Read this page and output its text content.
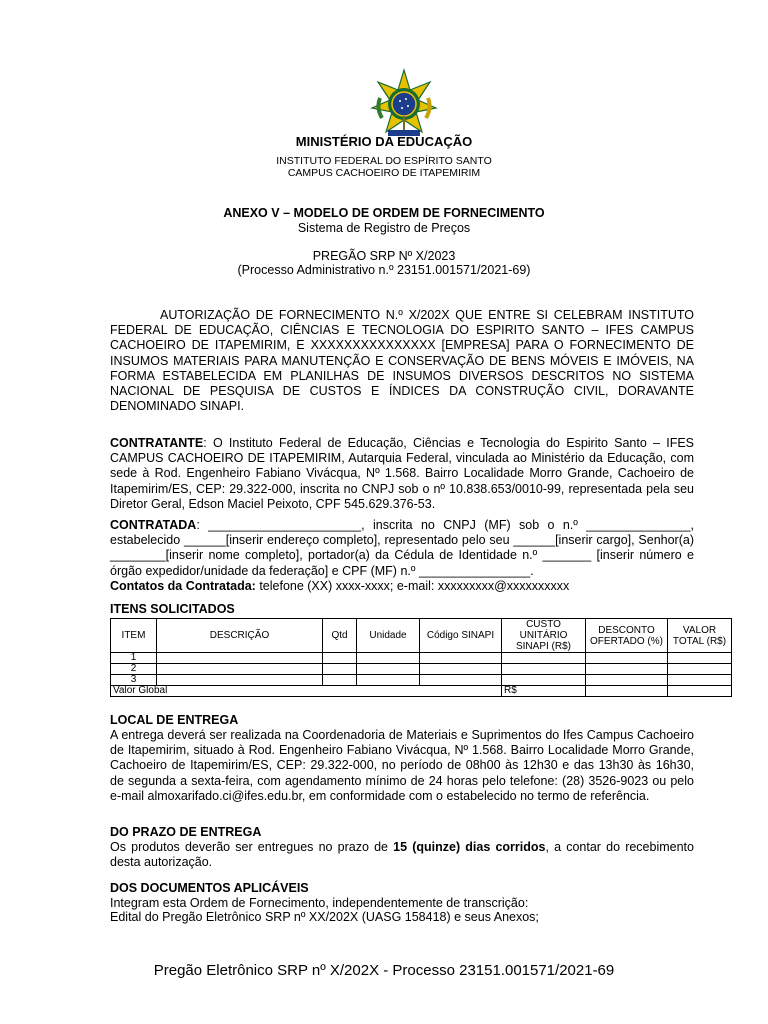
MINISTÉRIO DA EDUCAÇÃO
INSTITUTO FEDERAL DO ESPÍRITO SANTO
CAMPUS CACHOEIRO DE ITAPEMIRIM
ANEXO V – MODELO DE ORDEM DE FORNECIMENTO
Sistema de Registro de Preços
PREGÃO SRP Nº X/2023
(Processo Administrativo n.º 23151.001571/2021-69)
AUTORIZAÇÃO DE FORNECIMENTO N.º X/202X QUE ENTRE SI CELEBRAM INSTITUTO FEDERAL DE EDUCAÇÃO, CIÊNCIAS E TECNOLOGIA DO ESPIRITO SANTO – IFES CAMPUS CACHOEIRO DE ITAPEMIRIM, E XXXXXXXXXXXXXXX [EMPRESA] PARA O FORNECIMENTO DE INSUMOS MATERIAIS PARA MANUTENÇÃO E CONSERVAÇÃO DE BENS MÓVEIS E IMÓVEIS, NA FORMA ESTABELECIDA EM PLANILHAS DE INSUMOS DIVERSOS DESCRITOS NO SISTEMA NACIONAL DE PESQUISA DE CUSTOS E ÍNDICES DA CONSTRUÇÃO CIVIL, DORAVANTE DENOMINADO SINAPI.
CONTRATANTE: O Instituto Federal de Educação, Ciências e Tecnologia do Espirito Santo – IFES CAMPUS CACHOEIRO DE ITAPEMIRIM, Autarquia Federal, vinculada ao Ministério da Educação, com sede à Rod. Engenheiro Fabiano Vivácqua, Nº 1.568. Bairro Localidade Morro Grande, Cachoeiro de Itapemirim/ES, CEP: 29.322-000, inscrita no CNPJ sob o nº 10.838.653/0010-99, representada pela seu Diretor Geral, Edson Maciel Peixoto, CPF 545.629.376-53.
CONTRATADA: ______________________, inscrita no CNPJ (MF) sob o n.º _______________, estabelecido ______[inserir endereço completo], representado pelo seu ______[inserir cargo], Senhor(a) ________[inserir nome completo], portador(a) da Cédula de Identidade n.º _______ [inserir número e órgão expedidor/unidade da federação] e CPF (MF) n.º ________________.
Contatos da Contratada: telefone (XX) xxxx-xxxx; e-mail: xxxxxxxxx@xxxxxxxxxx
ITENS SOLICITADOS
ITEM	DESCRIÇÃO	Qtd	Unidade	Código SINAPI	CUSTO UNITÁRIO SINAPI (R$)	DESCONTO OFERTADO (%)	VALOR TOTAL (R$)
1							
2							
3							
Valor Global					R$		
LOCAL DE ENTREGA
A entrega deverá ser realizada na Coordenadoria de Materiais e Suprimentos do Ifes Campus Cachoeiro de Itapemirim, situado à Rod. Engenheiro Fabiano Vivácqua, Nº 1.568. Bairro Localidade Morro Grande, Cachoeiro de Itapemirim/ES, CEP: 29.322-000, no período de 08h00 às 12h30 e das 13h30 às 16h30, de segunda a sexta-feira, com agendamento mínimo de 24 horas pelo telefone: (28) 3526-9023 ou pelo e-mail almoxarifado.ci@ifes.edu.br, em conformidade com o estabelecido no termo de referência.
DO PRAZO DE ENTREGA
Os produtos deverão ser entregues no prazo de 15 (quinze) dias corridos, a contar do recebimento desta autorização.
DOS DOCUMENTOS APLICÁVEIS
Integram esta Ordem de Fornecimento, independentemente de transcrição:
Edital do Pregão Eletrônico SRP nº XX/202X (UASG 158418) e seus Anexos;
Pregão Eletrônico SRP nº X/202X - Processo 23151.001571/2021-69
